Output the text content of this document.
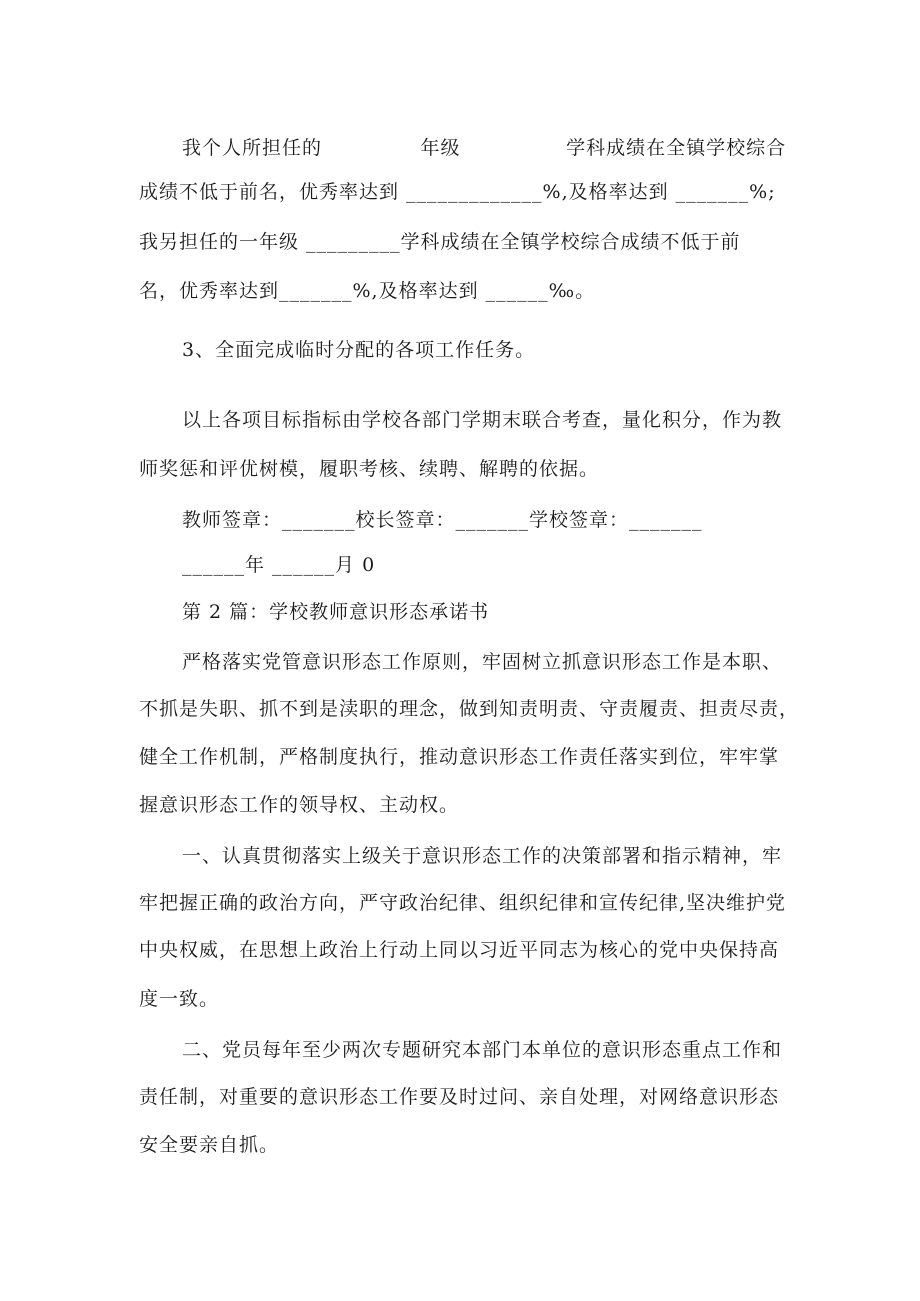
我个人所担任的              年级               学科成绩在全镇学校综合
成绩不低于前名，优秀率达到 _____________%,及格率达到 _______%;
我另担任的一年级 _________学科成绩在全镇学校综合成绩不低于前
名，优秀率达到_______%,及格率达到 ______‰。
3、全面完成临时分配的各项工作任务。
以上各项目标指标由学校各部门学期末联合考查，量化积分，作为教
师奖惩和评优树模，履职考核、续聘、解聘的依据。
教师签章：_______校长签章：_______学校签章：_______
______年 ______月 0
第 2 篇：学校教师意识形态承诺书
严格落实党管意识形态工作原则，牢固树立抓意识形态工作是本职、
不抓是失职、抓不到是渎职的理念，做到知责明责、守责履责、担责尽责，
健全工作机制，严格制度执行，推动意识形态工作责任落实到位，牢牢掌
握意识形态工作的领导权、主动权。
一、认真贯彻落实上级关于意识形态工作的决策部署和指示精神，牢
牢把握正确的政治方向，严守政治纪律、组织纪律和宣传纪律,坚决维护党
中央权威，在思想上政治上行动上同以习近平同志为核心的党中央保持高
度一致。
二、党员每年至少两次专题研究本部门本单位的意识形态重点工作和
责任制，对重要的意识形态工作要及时过问、亲自处理，对网络意识形态
安全要亲自抓。
